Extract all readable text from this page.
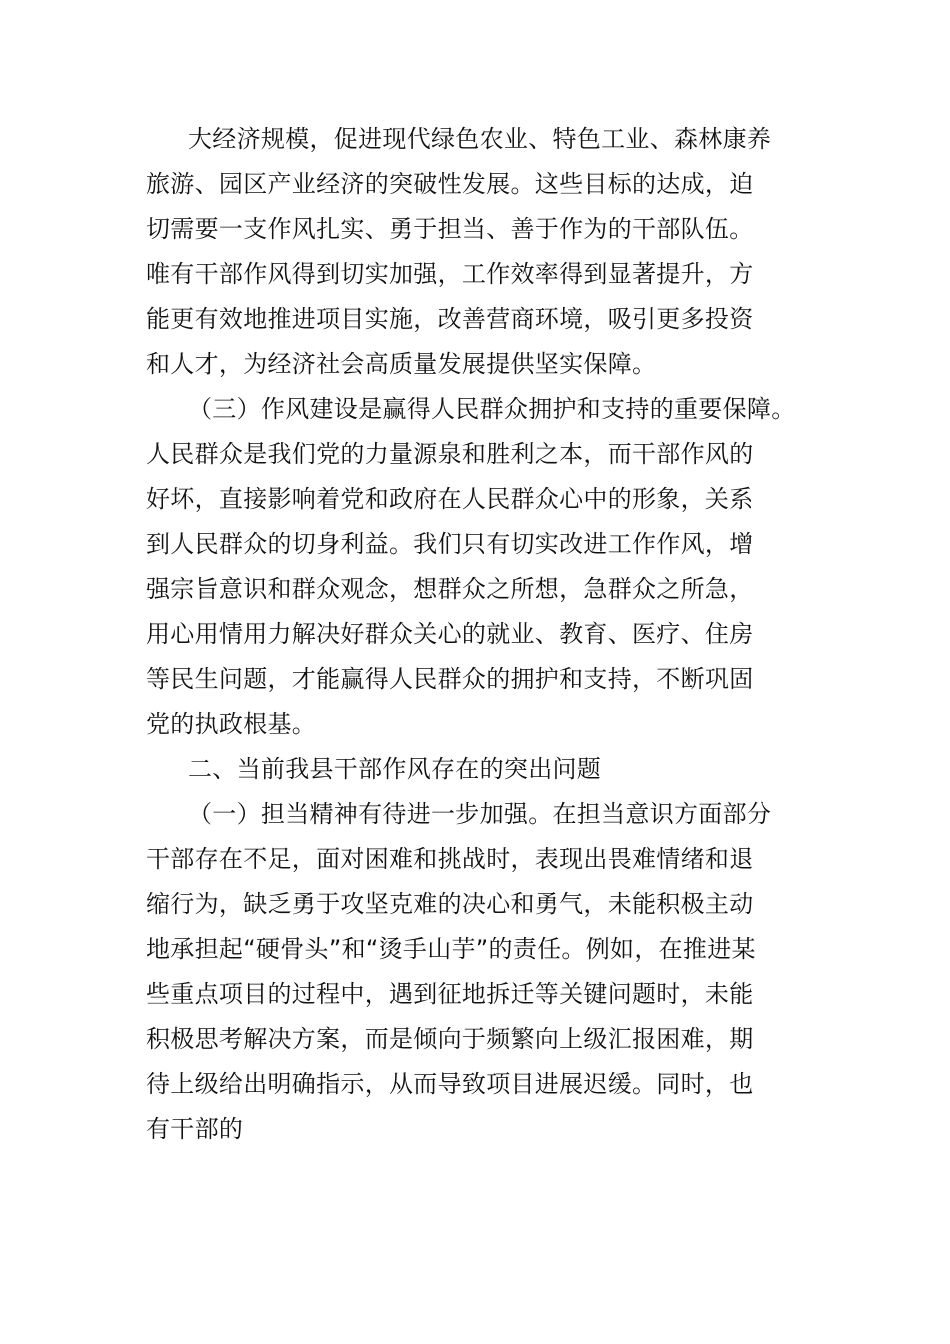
大经济规模，促进现代绿色农业、特色工业、森林康养
旅游、园区产业经济的突破性发展。这些目标的达成，迫
切需要一支作风扎实、勇于担当、善于作为的干部队伍。
唯有干部作风得到切实加强，工作效率得到显著提升，方
能更有效地推进项目实施，改善营商环境，吸引更多投资
和人才，为经济社会高质量发展提供坚实保障。
（三）作风建设是赢得人民群众拥护和支持的重要保障。
人民群众是我们党的力量源泉和胜利之本，而干部作风的
好坏，直接影响着党和政府在人民群众心中的形象，关系
到人民群众的切身利益。我们只有切实改进工作作风，增
强宗旨意识和群众观念，想群众之所想，急群众之所急，
用心用情用力解决好群众关心的就业、教育、医疗、住房
等民生问题，才能赢得人民群众的拥护和支持，不断巩固
党的执政根基。
二、当前我县干部作风存在的突出问题
（一）担当精神有待进一步加强。在担当意识方面部分
干部存在不足，面对困难和挑战时，表现出畏难情绪和退
缩行为，缺乏勇于攻坚克难的决心和勇气，未能积极主动
地承担起“硬骨头”和“烫手山芋”的责任。例如，在推进某
些重点项目的过程中，遇到征地拆迁等关键问题时，未能
积极思考解决方案，而是倾向于频繁向上级汇报困难，期
待上级给出明确指示，从而导致项目进展迟缓。同时，也
有干部的
